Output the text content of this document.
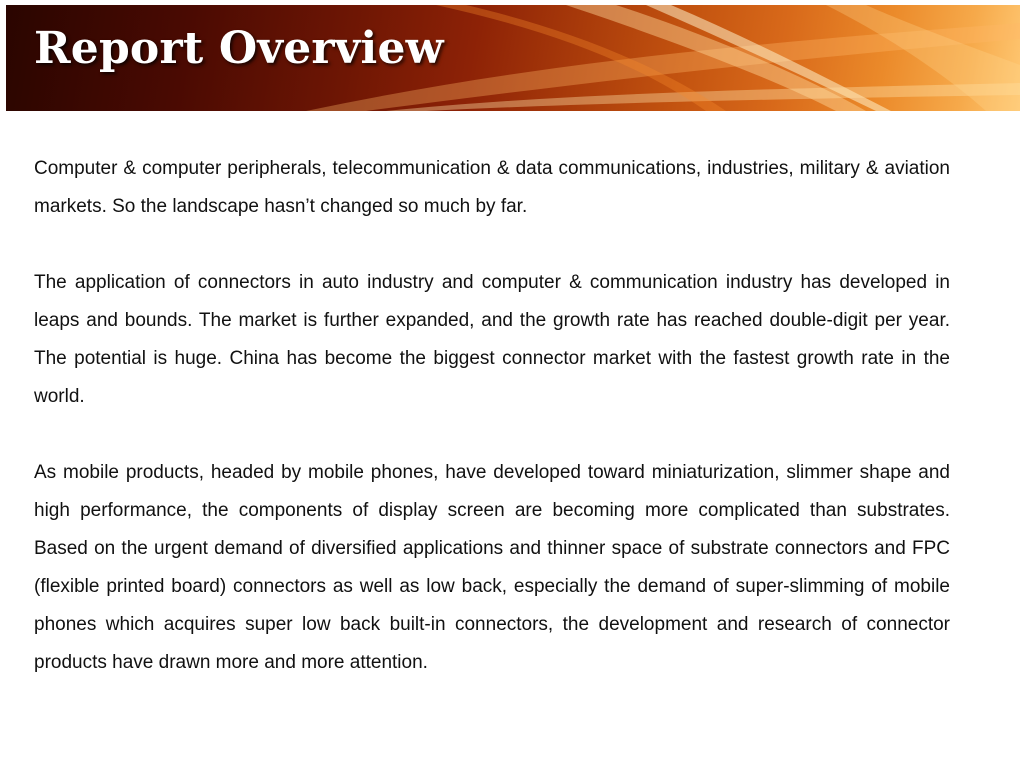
Report Overview

Computer & computer peripherals, telecommunication & data communications, industries, military & aviation markets. So the landscape hasn’t changed so much by far.

The application of connectors in auto industry and computer & communication industry has developed in leaps and bounds. The market is further expanded, and the growth rate has reached double-digit per year. The potential is huge. China has become the biggest connector market with the fastest growth rate in the world.

As mobile products, headed by mobile phones, have developed toward miniaturization, slimmer shape and high performance, the components of display screen are becoming more complicated than substrates. Based on the urgent demand of diversified applications and thinner space of substrate connectors and FPC (flexible printed board) connectors as well as low back, especially the demand of super-slimming of mobile phones which acquires super low back built-in connectors, the development and research of connector products have drawn more and more attention.
